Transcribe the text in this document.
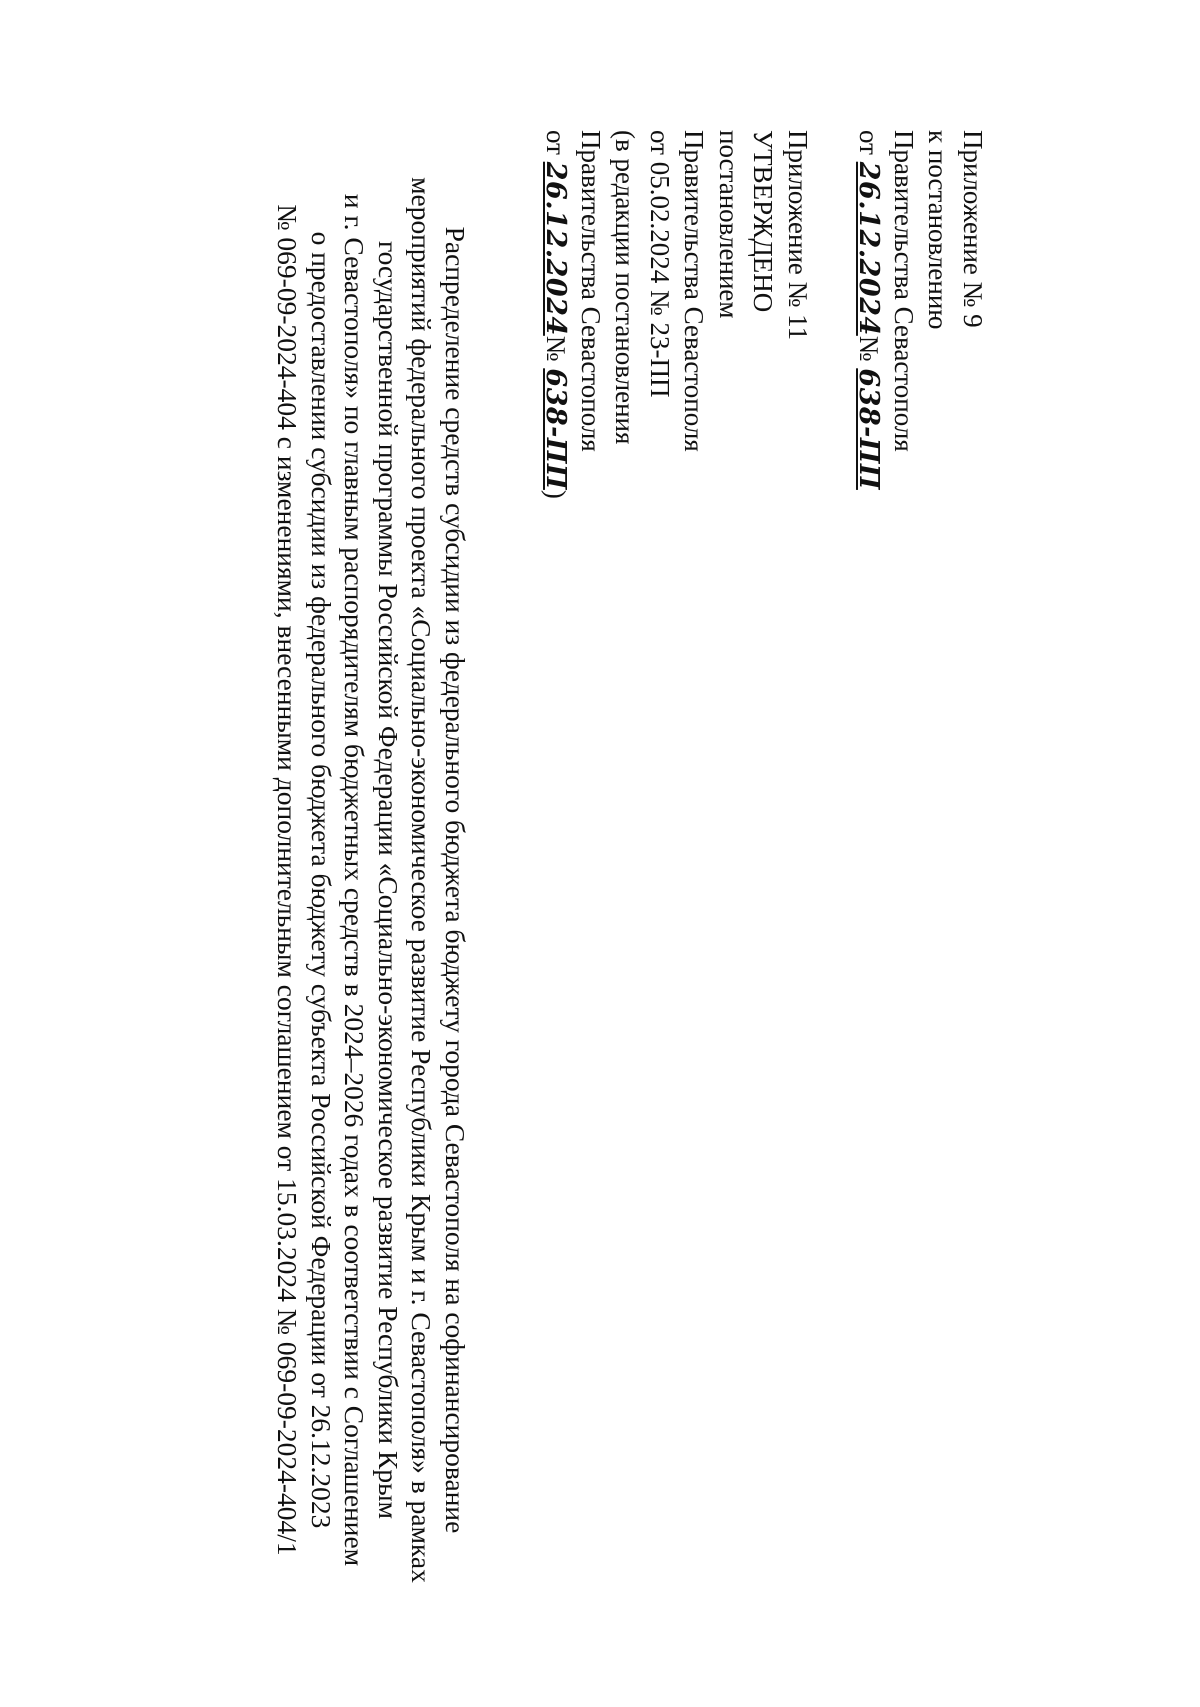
Приложение № 9

к постановлению

Правительства Севастополя

от 26.12.2024№ 638-ПП

Приложение № 11

УТВЕРЖДЕНО

постановлением

Правительства Севастополя

от 05.02.2024 № 23-ПП

(в редакции постановления

Правительства Севастополя

от 26.12.2024№ 638-ПП)

Распределение средств субсидии из федерального бюджета бюджету города Севастополя на софинансирование

мероприятий федерального проекта «Социально-экономическое развитие Республики Крым и г. Севастополя» в рамках

государственной программы Российской Федерации «Социально-экономическое развитие Республики Крым

и г. Севастополя» по главным распорядителям бюджетных средств в 2024–2026 годах в соответствии с Соглашением

о предоставлении субсидии из федерального бюджета бюджету субъекта Российской Федерации от 26.12.2023

№ 069-09-2024-404 с изменениями, внесенными дополнительным соглашением от 15.03.2024 № 069-09-2024-404/1
